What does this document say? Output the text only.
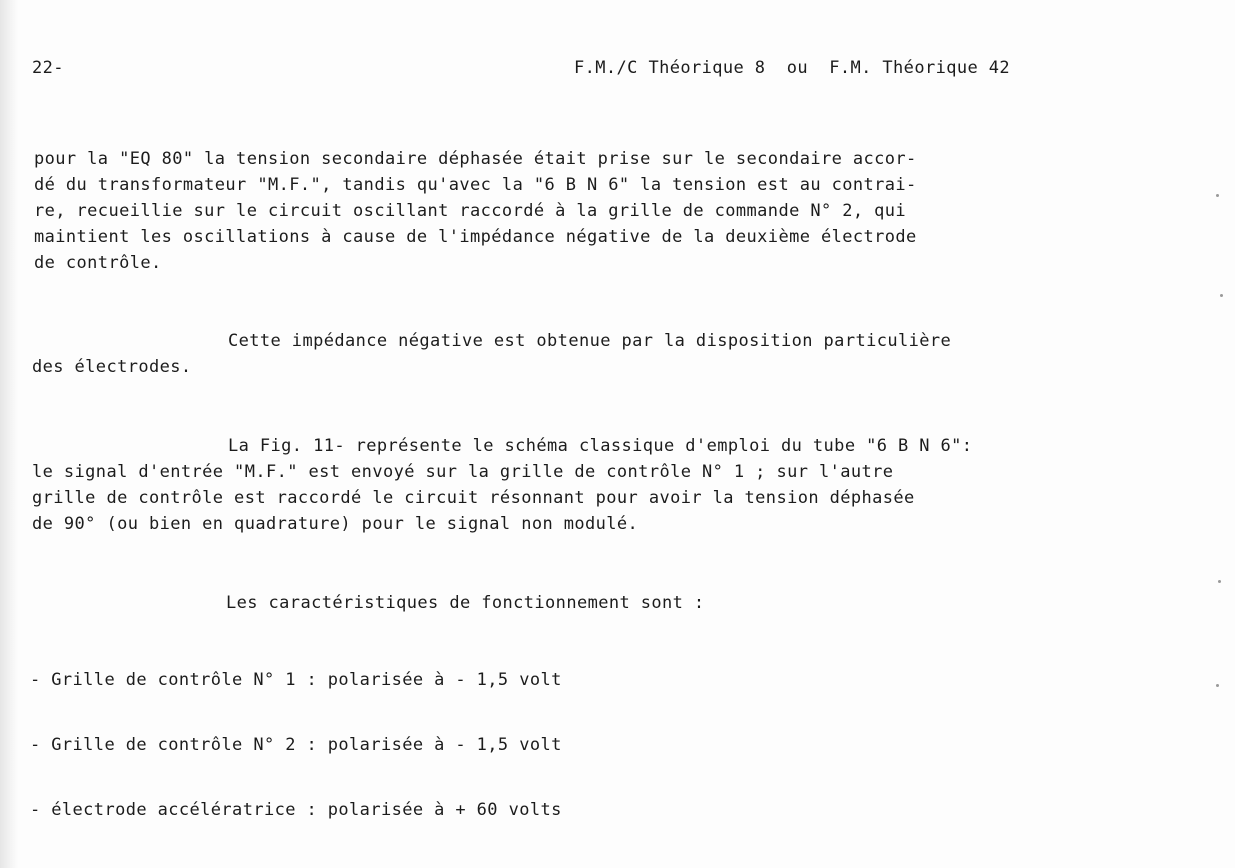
22-	F.M./C Théorique 8  ou  F.M. Théorique 42

pour la "EQ 80" la tension secondaire déphasée était prise sur le secondaire accor-

dé du transformateur "M.F.", tandis qu'avec la "6 B N 6" la tension est au contrai-

re, recueillie sur le circuit oscillant raccordé à la grille de commande N° 2, qui

maintient les oscillations à cause de l'impédance négative de la deuxième électrode

de contrôle.

Cette impédance négative est obtenue par la disposition particulière

des électrodes.

La Fig. 11- représente le schéma classique d'emploi du tube "6 B N 6":

le signal d'entrée "M.F." est envoyé sur la grille de contrôle N° 1 ; sur l'autre

grille de contrôle est raccordé le circuit résonnant pour avoir la tension déphasée

de 90° (ou bien en quadrature) pour le signal non modulé.

Les caractéristiques de fonctionnement sont :

- Grille de contrôle N° 1 : polarisée à - 1,5 volt

- Grille de contrôle N° 2 : polarisée à - 1,5 volt

- électrode accélératrice : polarisée à + 60 volts
